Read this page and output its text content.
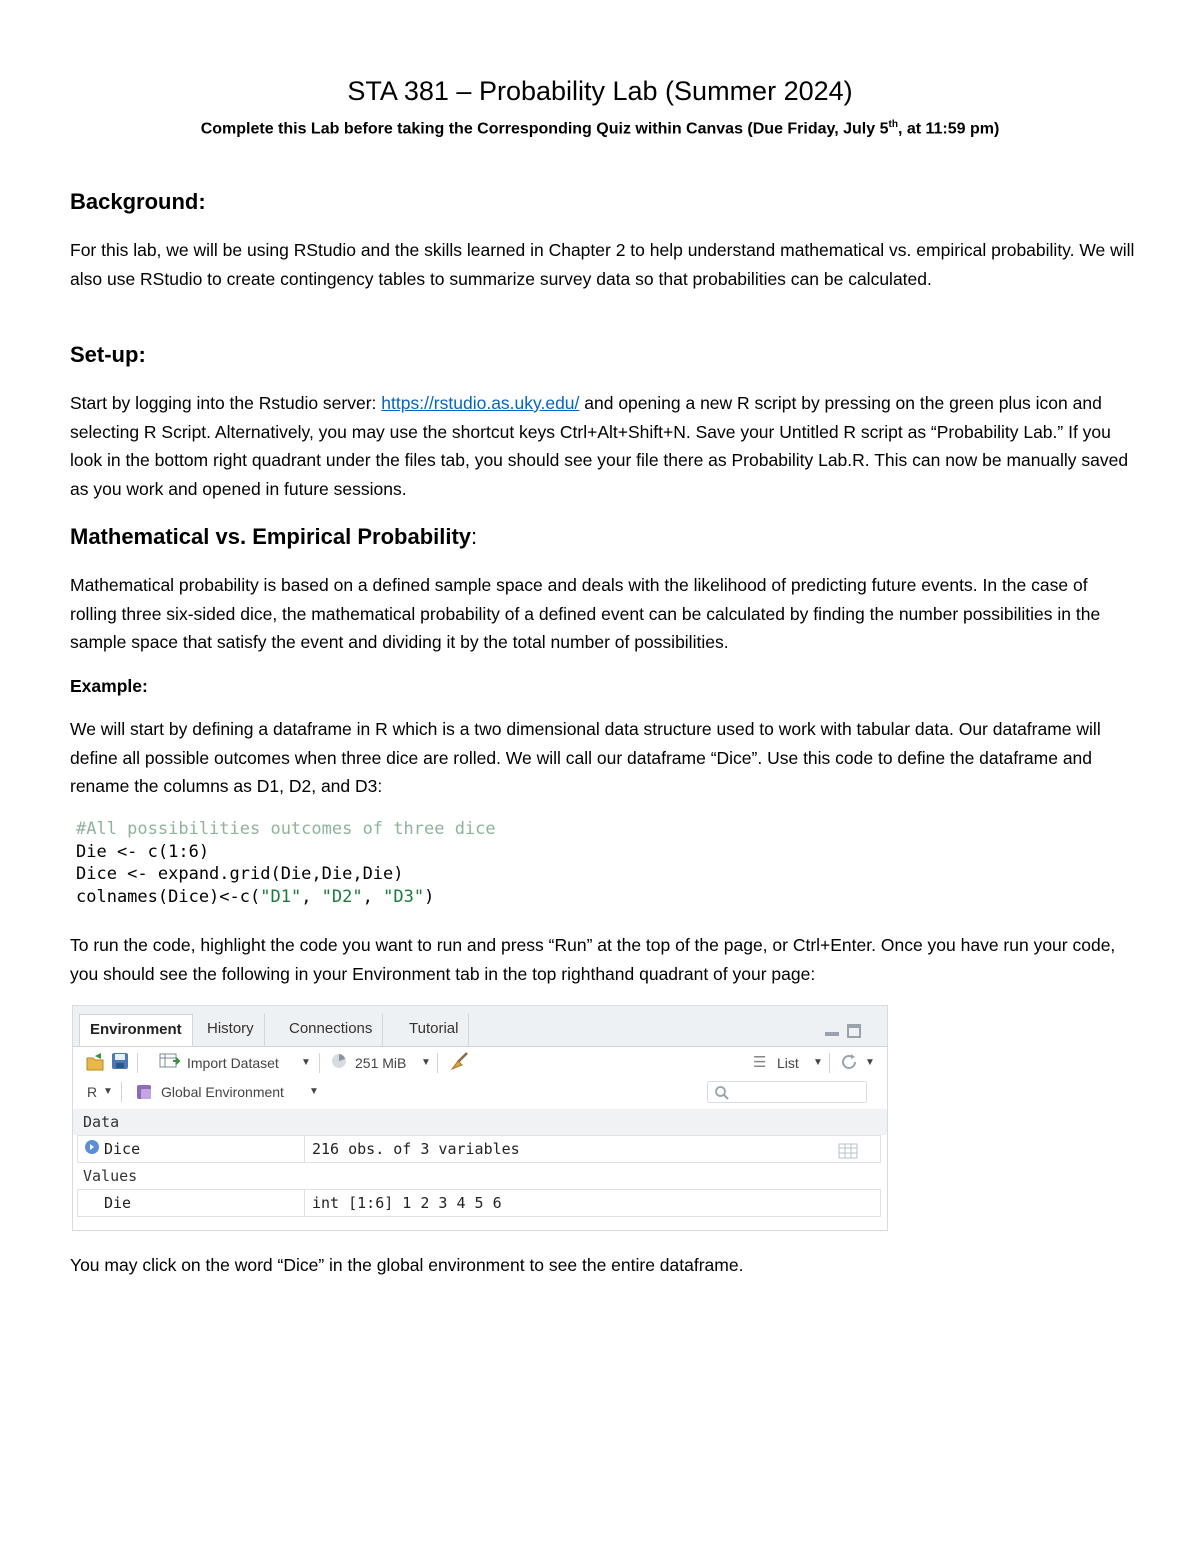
STA 381 – Probability Lab (Summer 2024)
Complete this Lab before taking the Corresponding Quiz within Canvas (Due Friday, July 5th, at 11:59 pm)
Background:

For this lab, we will be using RStudio and the skills learned in Chapter 2 to help understand mathematical vs. empirical probability. We will also use RStudio to create contingency tables to summarize survey data so that probabilities can be calculated.

Set-up:

Start by logging into the Rstudio server: https://rstudio.as.uky.edu/ and opening a new R script by pressing on the green plus icon and selecting R Script. Alternatively, you may use the shortcut keys Ctrl+Alt+Shift+N. Save your Untitled R script as “Probability Lab.” If you look in the bottom right quadrant under the files tab, you should see your file there as Probability Lab.R. This can now be manually saved as you work and opened in future sessions.

Mathematical vs. Empirical Probability:

Mathematical probability is based on a defined sample space and deals with the likelihood of predicting future events. In the case of rolling three six-sided dice, the mathematical probability of a defined event can be calculated by finding the number possibilities in the sample space that satisfy the event and dividing it by the total number of possibilities.

Example:

We will start by defining a dataframe in R which is a two dimensional data structure used to work with tabular data. Our dataframe will define all possible outcomes when three dice are rolled. We will call our dataframe “Dice”. Use this code to define the dataframe and rename the columns as D1, D2, and D3:

#All possibilities outcomes of three dice
Die <- c(1:6)
Dice <- expand.grid(Die,Die,Die)
colnames(Dice)<-c("D1", "D2", "D3")

To run the code, highlight the code you want to run and press “Run” at the top of the page, or Ctrl+Enter. Once you have run your code, you should see the following in your Environment tab in the top righthand quadrant of your page:

Environment	History	Connections	Tutorial
Import Dataset ▼	251 MiB ▼	☰ List ▼	▼
R ▼	Global Environment	▼
Data
Dice	216 obs. of 3 variables
Values
Die	int [1:6] 1 2 3 4 5 6

You may click on the word “Dice” in the global environment to see the entire dataframe.
